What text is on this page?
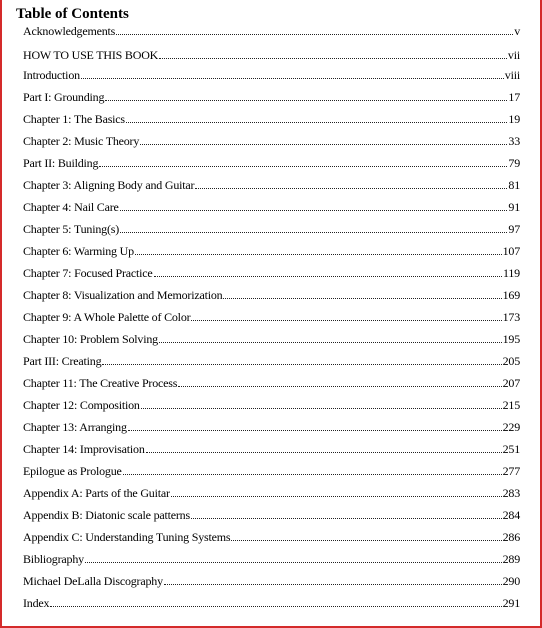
Table of Contents
Acknowledgements	v
HOW TO USE THIS BOOK	vii
Introduction	viii
Part I: Grounding	17
Chapter 1: The Basics	19
Chapter 2: Music Theory	33
Part II: Building	79
Chapter 3: Aligning Body and Guitar	81
Chapter 4: Nail Care	91
Chapter 5: Tuning(s)	97
Chapter 6: Warming Up	107
Chapter 7: Focused Practice	119
Chapter 8: Visualization and Memorization	169
Chapter 9: A Whole Palette of Color	173
Chapter 10: Problem Solving	195
Part III: Creating	205
Chapter 11: The Creative Process	207
Chapter 12: Composition	215
Chapter 13: Arranging	229
Chapter 14: Improvisation	251
Epilogue as Prologue	277
Appendix A: Parts of the Guitar	283
Appendix B: Diatonic scale patterns	284
Appendix C: Understanding Tuning Systems	286
Bibliography	289
Michael DeLalla Discography	290
Index	291
